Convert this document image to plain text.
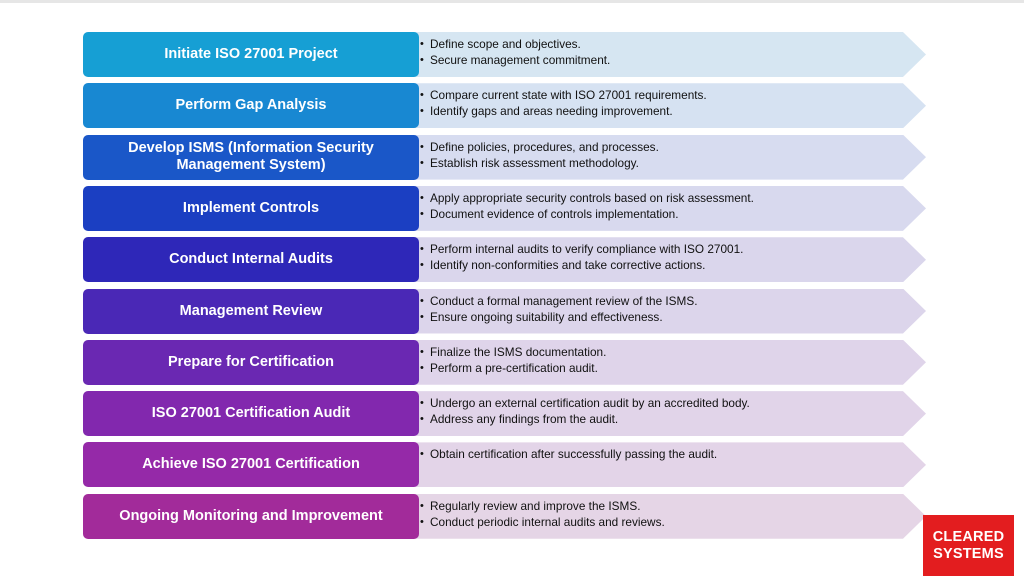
Initiate ISO 27001 Project
• Define scope and objectives.
• Secure management commitment.
Perform Gap Analysis
• Compare current state with ISO 27001 requirements.
• Identify gaps and areas needing improvement.
Develop ISMS (Information Security Management System)
• Define policies, procedures, and processes.
• Establish risk assessment methodology.
Implement Controls
• Apply appropriate security controls based on risk assessment.
• Document evidence of controls implementation.
Conduct Internal Audits
• Perform internal audits to verify compliance with ISO 27001.
• Identify non-conformities and take corrective actions.
Management Review
• Conduct a formal management review of the ISMS.
• Ensure ongoing suitability and effectiveness.
Prepare for Certification
• Finalize the ISMS documentation.
• Perform a pre-certification audit.
ISO 27001 Certification Audit
• Undergo an external certification audit by an accredited body.
• Address any findings from the audit.
Achieve ISO 27001 Certification
• Obtain certification after successfully passing the audit.
Ongoing Monitoring and Improvement
• Regularly review and improve the ISMS.
• Conduct periodic internal audits and reviews.
CLEARED
SYSTEMS
